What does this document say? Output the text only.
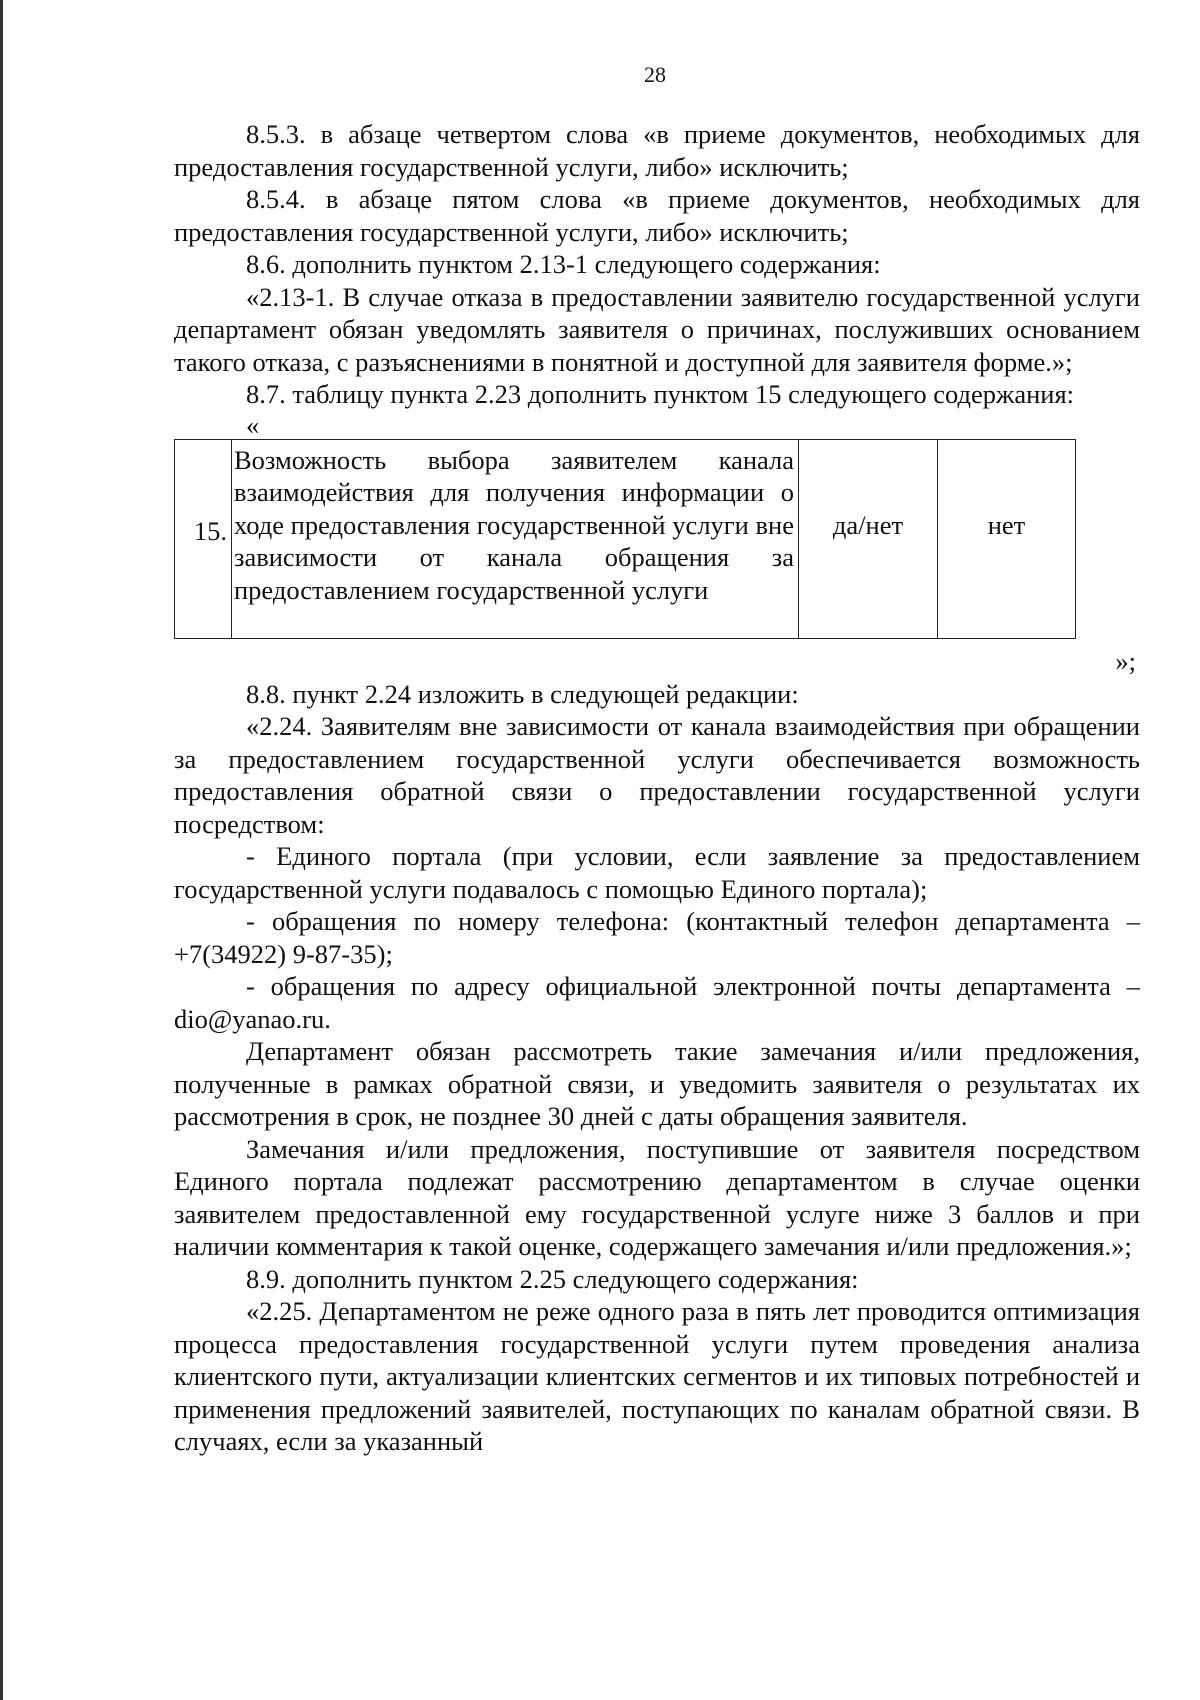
28

8.5.3. в абзаце четвертом слова «в приеме документов, необходимых для предоставления государственной услуги, либо» исключить;

8.5.4. в абзаце пятом слова «в приеме документов, необходимых для предоставления государственной услуги, либо» исключить;

8.6. дополнить пунктом 2.13-1 следующего содержания:

«2.13-1. В случае отказа в предоставлении заявителю государственной услуги департамент обязан уведомлять заявителя о причинах, послуживших основанием такого отказа, с разъяснениями в понятной и доступной для заявителя форме.»;

8.7. таблицу пункта 2.23 дополнить пунктом 15 следующего содержания:

«

15.	Возможность выбора заявителем канала взаимодействия для получения информации о ходе предоставления государственной услуги вне зависимости от канала обращения за предоставлением государственной услуги	да/нет	нет

»;

8.8. пункт 2.24 изложить в следующей редакции:

«2.24. Заявителям вне зависимости от канала взаимодействия при обращении за предоставлением государственной услуги обеспечивается возможность предоставления обратной связи о предоставлении государственной услуги посредством:

- Единого портала (при условии, если заявление за предоставлением государственной услуги подавалось с помощью Единого портала);

- обращения по номеру телефона: (контактный телефон департамента – +7(34922) 9-87-35);

- обращения по адресу официальной электронной почты департамента – dio@yanao.ru.

Департамент обязан рассмотреть такие замечания и/или предложения, полученные в рамках обратной связи, и уведомить заявителя о результатах их рассмотрения в срок, не позднее 30 дней с даты обращения заявителя.

Замечания и/или предложения, поступившие от заявителя посредством Единого портала подлежат рассмотрению департаментом в случае оценки заявителем предоставленной ему государственной услуге ниже 3 баллов и при наличии комментария к такой оценке, содержащего замечания и/или предложения.»;

8.9. дополнить пунктом 2.25 следующего содержания:

«2.25. Департаментом не реже одного раза в пять лет проводится оптимизация процесса предоставления государственной услуги путем проведения анализа клиентского пути, актуализации клиентских сегментов и их типовых потребностей и применения предложений заявителей, поступающих по каналам обратной связи. В случаях, если за указанный
